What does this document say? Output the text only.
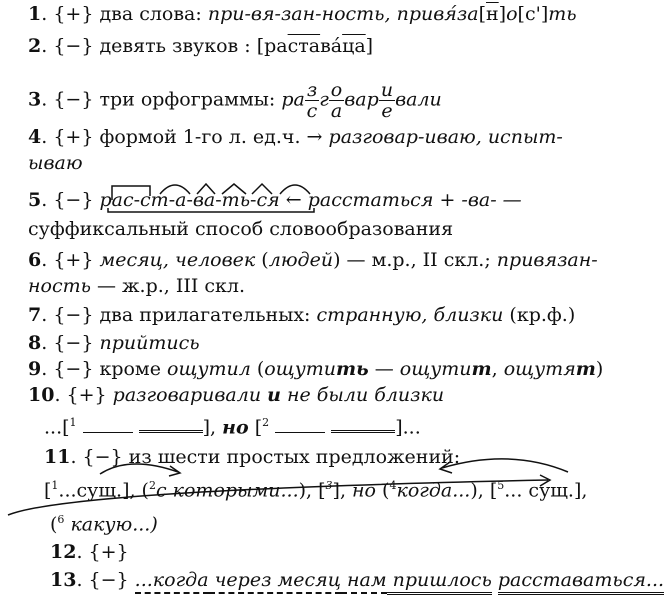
1. {+} два слова: при-вя-зан-ность, привя́за[н]о[с']ть
2. {−} девять звуков : [растава́ца]
3. {−} три орфограммы: ра $\frac{з}{с}$ г $\frac{о}{а}$ вар $\frac{и}{е}$ вали
4. {+} формой 1-го л. ед.ч. → разговар-иваю, испыт-
ываю
5. {−} рас-ст-а-ва-ть-ся ← расстаться + -ва- —
суффиксальный способ словообразования
6. {+} месяц, человек (людей) — м.р., II скл.; привязан-
ность — ж.р., III скл.
7. {−} два прилагательных: странную, близки (кр.ф.)
8. {−} прийтись
9. {−} кроме ощутил (ощутить — ощутит, ощутят)
10. {+} разговаривали и не были близки
...[$^1$	], но [$^2$	]...
11. {−} из шести простых предложений:
[$^1$...сущ.], ($^2$с которыми...), [$^3$], но ($^4$когда...), [$^5$... сущ.],
($^6$ какую...)
12. {+}
13. {−} ...когда через месяц нам пришлось расставаться...
